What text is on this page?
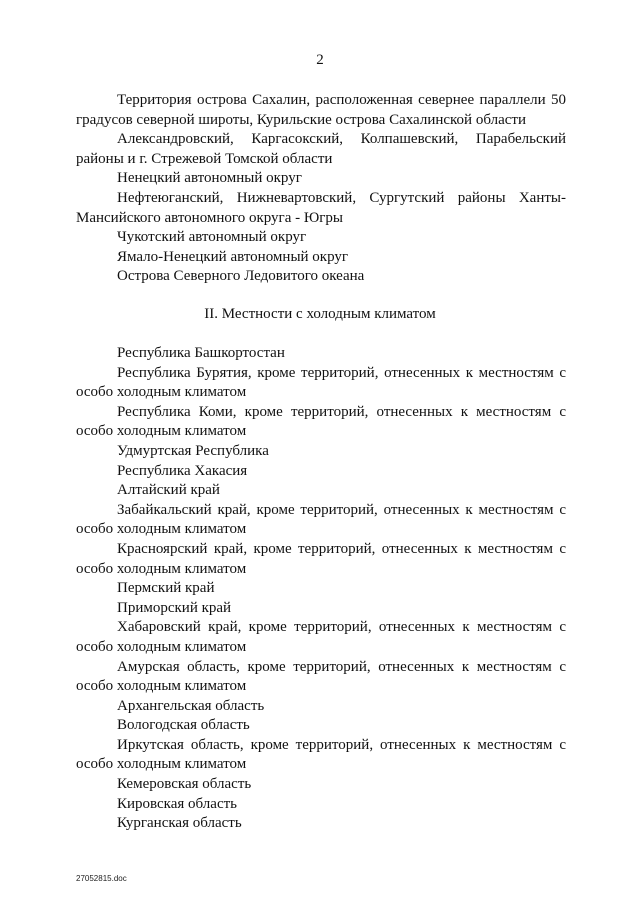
2

Территория острова Сахалин, расположенная севернее параллели 50 градусов северной широты, Курильские острова Сахалинской области

Александровский, Каргасокский, Колпашевский, Парабельский районы и г. Стрежевой Томской области

Ненецкий автономный округ

Нефтеюганский, Нижневартовский, Сургутский районы Ханты-Мансийского автономного округа - Югры

Чукотский автономный округ

Ямало-Ненецкий автономный округ

Острова Северного Ледовитого океана

II. Местности с холодным климатом

Республика Башкортостан

Республика Бурятия, кроме территорий, отнесенных к местностям с особо холодным климатом

Республика Коми, кроме территорий, отнесенных к местностям с особо холодным климатом

Удмуртская Республика

Республика Хакасия

Алтайский край

Забайкальский край, кроме территорий, отнесенных к местностям с особо холодным климатом

Красноярский край, кроме территорий, отнесенных к местностям с особо холодным климатом

Пермский край

Приморский край

Хабаровский край, кроме территорий, отнесенных к местностям с особо холодным климатом

Амурская область, кроме территорий, отнесенных к местностям с особо холодным климатом

Архангельская область

Вологодская область

Иркутская область, кроме территорий, отнесенных к местностям с особо холодным климатом

Кемеровская область

Кировская область

Курганская область

27052815.doc
